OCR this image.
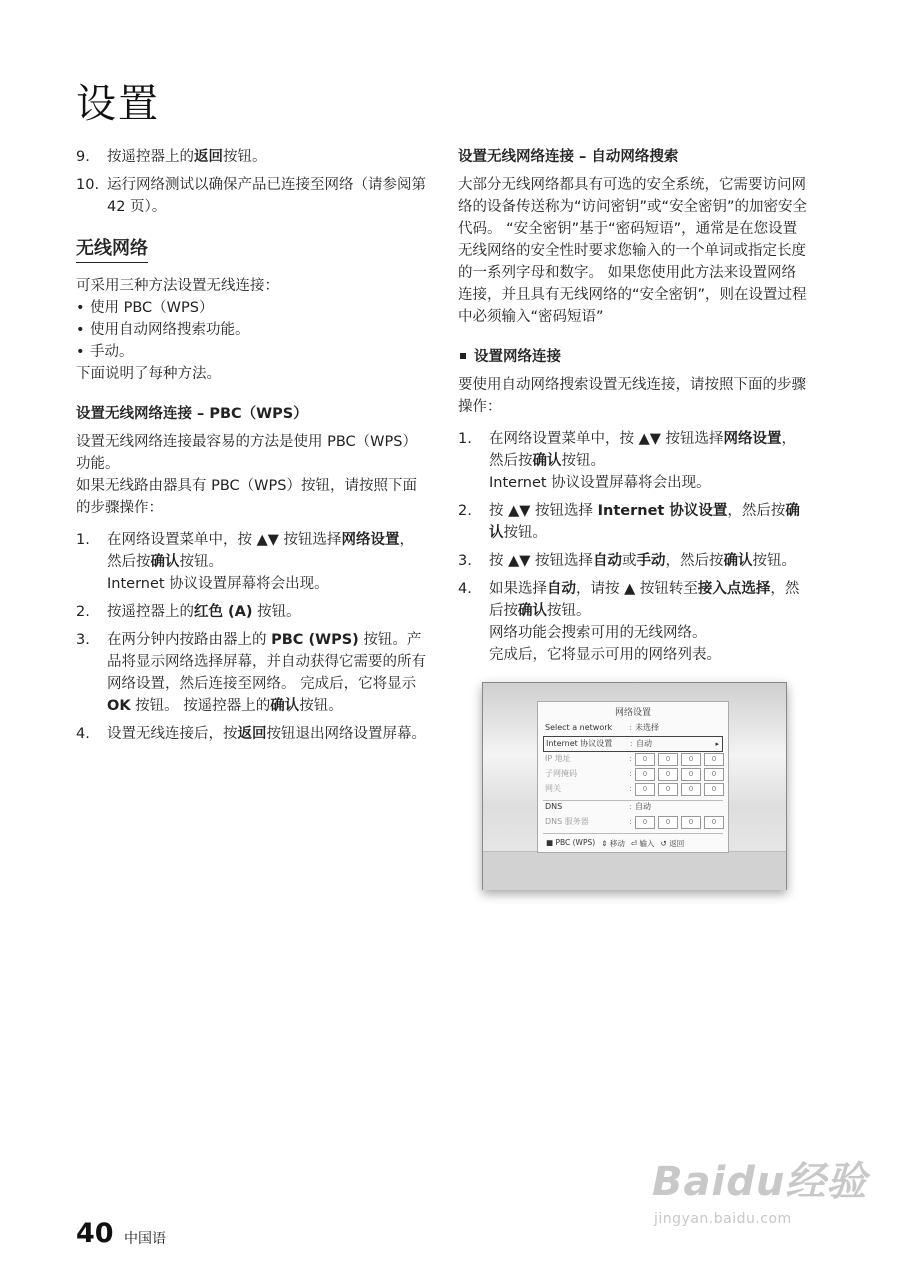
设置
9.	按遥控器上的返回按钮。
10. 运行网络测试以确保产品已连接至网络（请参阅第 42 页）。
无线网络

可采用三种方法设置无线连接：

• 使用 PBC（WPS）
• 使用自动网络搜索功能。
• 手动。

下面说明了每种方法。

设置无线网络连接 – PBC（WPS）

设置无线网络连接最容易的方法是使用 PBC（WPS）功能。

如果无线路由器具有 PBC（WPS）按钮，请按照下面的步骤操作：

1.	在网络设置菜单中，按 ▲▼ 按钮选择网络设置，然后按确认按钮。
Internet 协议设置屏幕将会出现。
2.	按遥控器上的红色 (A) 按钮。
3.	在两分钟内按路由器上的 PBC (WPS) 按钮。产品将显示网络选择屏幕，并自动获得它需要的所有网络设置，然后连接至网络。 完成后，它将显示 OK 按钮。 按遥控器上的确认按钮。
4.	设置无线连接后，按返回按钮退出网络设置屏幕。
设置无线网络连接 – 自动网络搜索

大部分无线网络都具有可选的安全系统，它需要访问网络的设备传送称为“访问密钥”或“安全密钥”的加密安全代码。 “安全密钥”基于“密码短语”，通常是在您设置无线网络的安全性时要求您输入的一个单词或指定长度的一系列字母和数字。 如果您使用此方法来设置网络连接，并且具有无线网络的“安全密钥”，则在设置过程中必须输入“密码短语”

设置网络连接

要使用自动网络搜索设置无线连接，请按照下面的步骤操作：

1.	在网络设置菜单中，按 ▲▼ 按钮选择网络设置，然后按确认按钮。
Internet 协议设置屏幕将会出现。
2.	按 ▲▼ 按钮选择 Internet 协议设置，然后按确认按钮。
3.	按 ▲▼ 按钮选择自动或手动，然后按确认按钮。
4.	如果选择自动，请按 ▲ 按钮转至接入点选择，然后按确认按钮。
网络功能会搜索可用的无线网络。
完成后，它将显示可用的网络列表。
网络设置
Select a network : 未选择
Internet 协议设置 : 自动	▸
IP 地址	:	0	0	0	0
子网掩码	:	0	0	0	0
网关	:	0	0	0	0
DNS	: 自动
DNS 服务器	:	0	0	0	0
■ PBC (WPS) ⇕ 移动 ⏎ 输入 ↺ 返回
40 中国语
Baidu经验
jingyan.baidu.com
